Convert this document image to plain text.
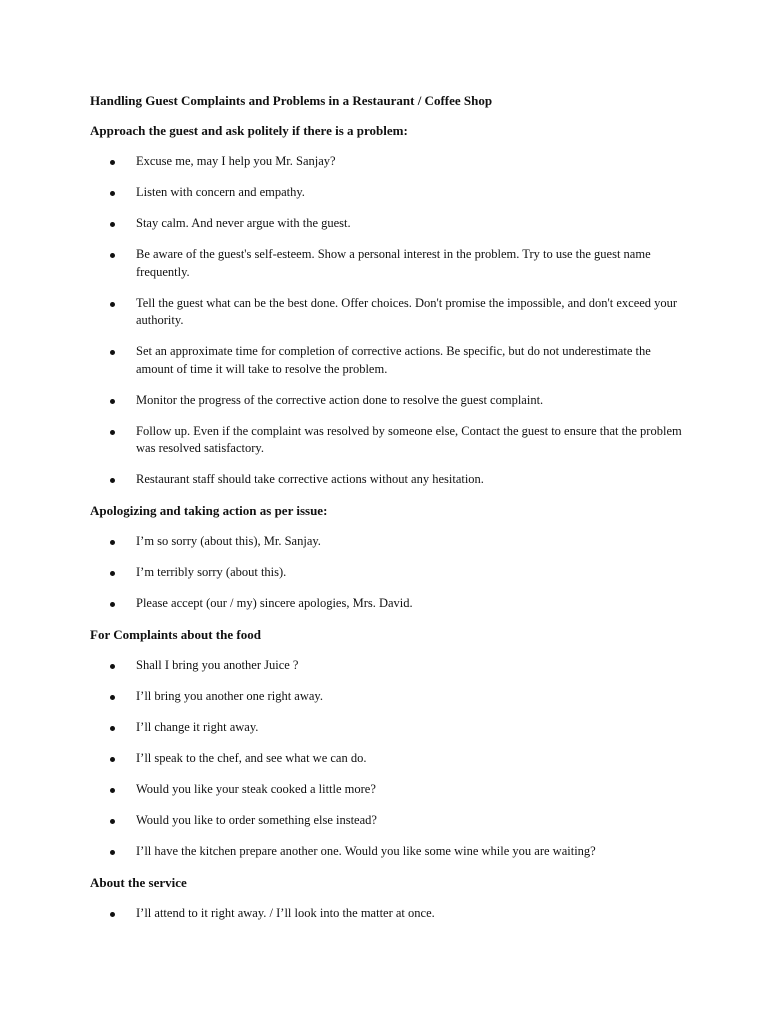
Handling Guest Complaints and Problems in a Restaurant / Coffee Shop

Approach the guest and ask politely if there is a problem:

Excuse me, may I help you Mr. Sanjay?
Listen with concern and empathy.
Stay calm. And never argue with the guest.
Be aware of the guest's self-esteem. Show a personal interest in the problem. Try to use the guest name frequently.
Tell the guest what can be the best done. Offer choices. Don't promise the impossible, and don't exceed your authority.
Set an approximate time for completion of corrective actions. Be specific, but do not underestimate the amount of time it will take to resolve the problem.
Monitor the progress of the corrective action done to resolve the guest complaint.
Follow up. Even if the complaint was resolved by someone else, Contact the guest to ensure that the problem was resolved satisfactory.
Restaurant staff should take corrective actions without any hesitation.

Apologizing and taking action as per issue:

I’m so sorry (about this), Mr. Sanjay.
I’m terribly sorry (about this).
Please accept (our / my) sincere apologies, Mrs. David.

For Complaints about the food

Shall I bring you another Juice ?
I’ll bring you another one right away.
I’ll change it right away.
I’ll speak to the chef, and see what we can do.
Would you like your steak cooked a little more?
Would you like to order something else instead?
I’ll have the kitchen prepare another one. Would you like some wine while you are waiting?

About the service

I’ll attend to it right away. / I’ll look into the matter at once.
